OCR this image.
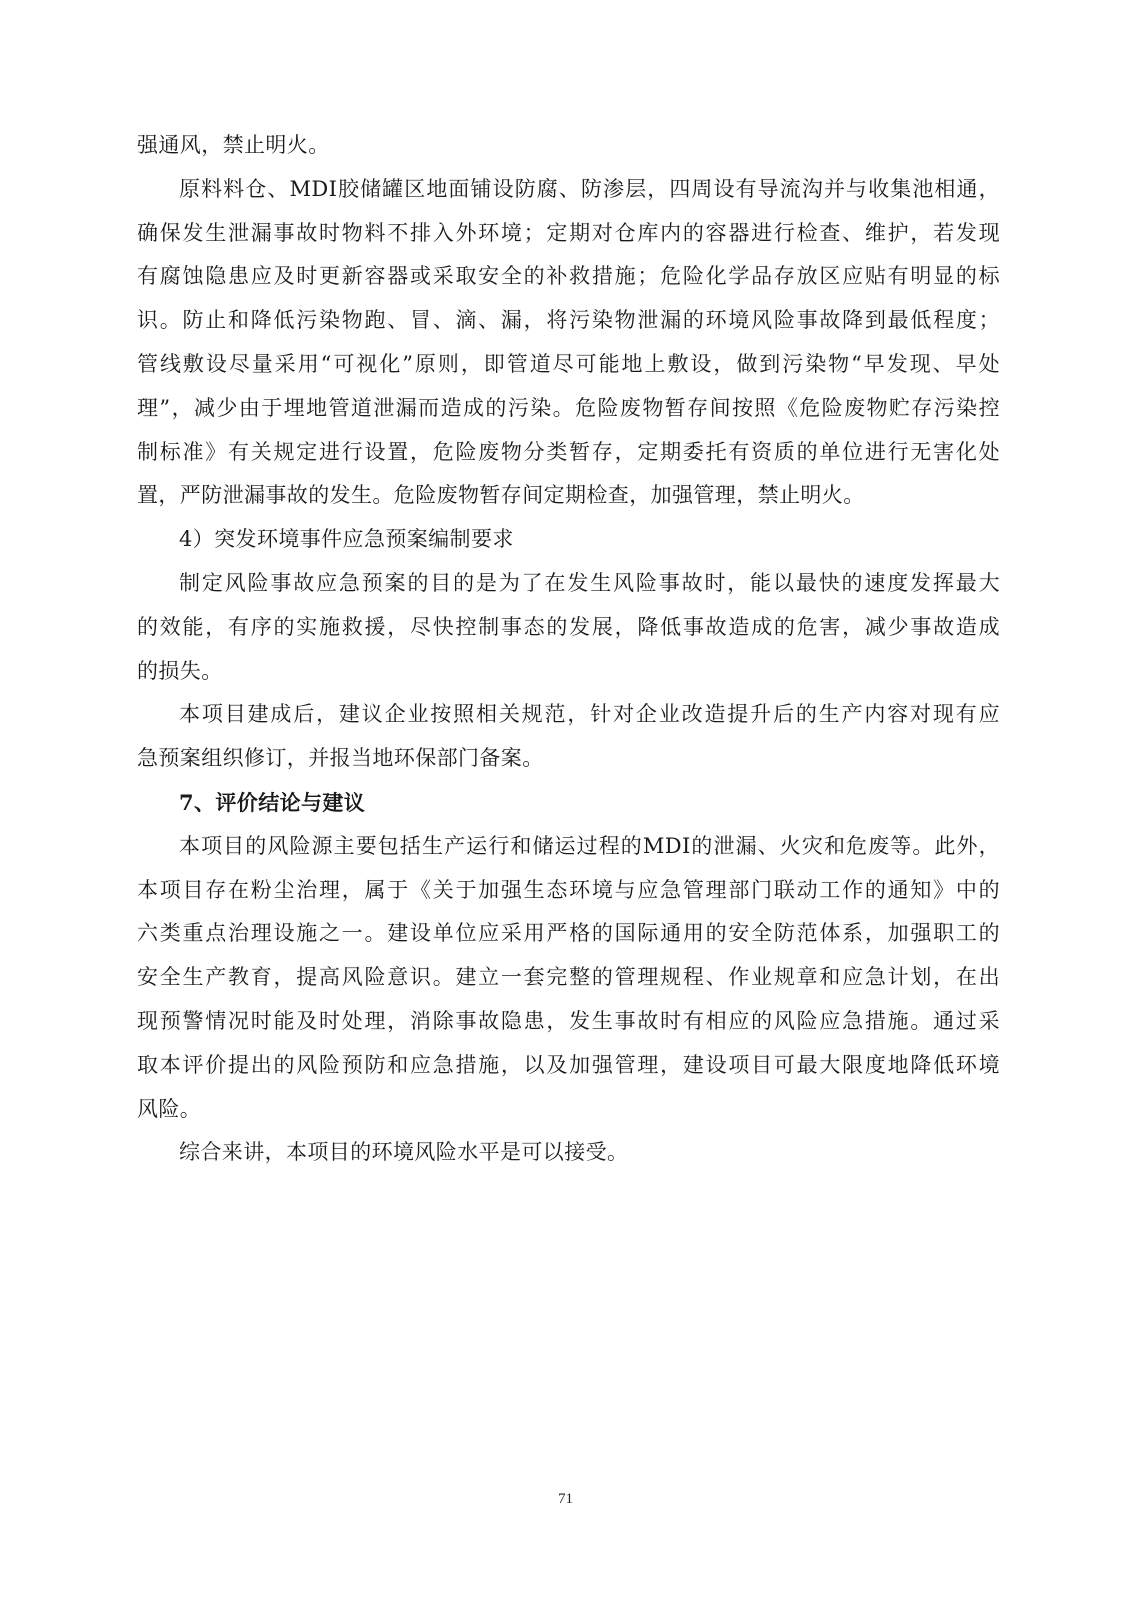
强通风，禁止明火。
原料料仓、MDI胶储罐区地面铺设防腐、防渗层，四周设有导流沟并与收集池相通，
确保发生泄漏事故时物料不排入外环境；定期对仓库内的容器进行检查、维护，若发现
有腐蚀隐患应及时更新容器或采取安全的补救措施；危险化学品存放区应贴有明显的标
识。防止和降低污染物跑、冒、滴、漏，将污染物泄漏的环境风险事故降到最低程度；
管线敷设尽量采用“可视化”原则，即管道尽可能地上敷设，做到污染物“早发现、早处
理”，减少由于埋地管道泄漏而造成的污染。危险废物暂存间按照《危险废物贮存污染控
制标准》有关规定进行设置，危险废物分类暂存，定期委托有资质的单位进行无害化处
置，严防泄漏事故的发生。危险废物暂存间定期检查，加强管理，禁止明火。
4）突发环境事件应急预案编制要求
制定风险事故应急预案的目的是为了在发生风险事故时，能以最快的速度发挥最大
的效能，有序的实施救援，尽快控制事态的发展，降低事故造成的危害，减少事故造成
的损失。
本项目建成后，建议企业按照相关规范，针对企业改造提升后的生产内容对现有应
急预案组织修订，并报当地环保部门备案。
7、评价结论与建议
本项目的风险源主要包括生产运行和储运过程的MDI的泄漏、火灾和危废等。此外，
本项目存在粉尘治理，属于《关于加强生态环境与应急管理部门联动工作的通知》中的
六类重点治理设施之一。建设单位应采用严格的国际通用的安全防范体系，加强职工的
安全生产教育，提高风险意识。建立一套完整的管理规程、作业规章和应急计划，在出
现预警情况时能及时处理，消除事故隐患，发生事故时有相应的风险应急措施。通过采
取本评价提出的风险预防和应急措施，以及加强管理，建设项目可最大限度地降低环境
风险。
综合来讲，本项目的环境风险水平是可以接受。
71
